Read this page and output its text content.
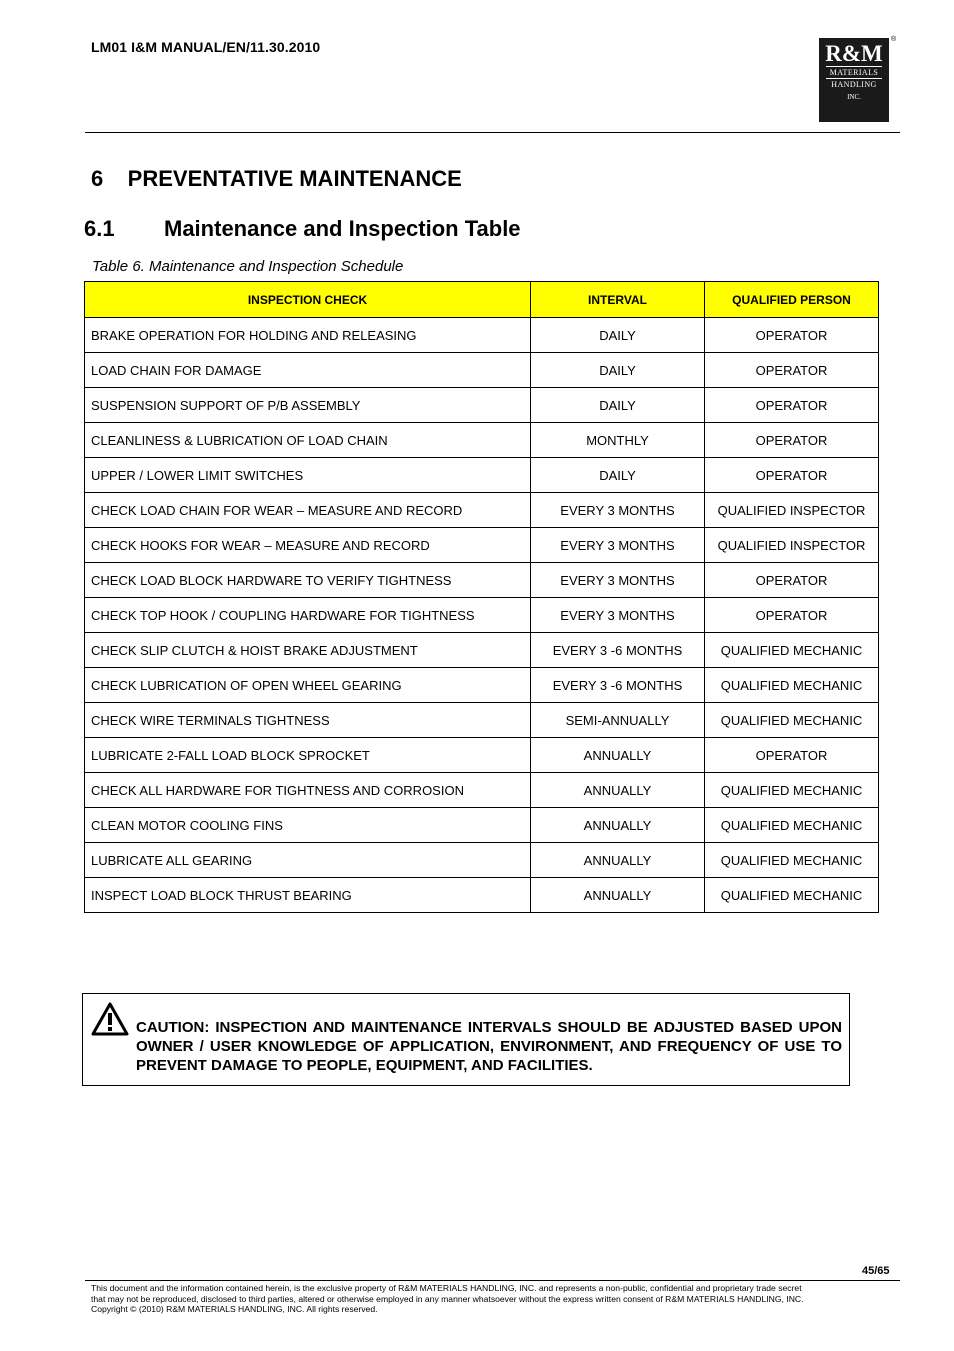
LM01 I&M MANUAL/EN/11.30.2010	R&M
MATERIALS
HANDLING
INC.
®
6    PREVENTATIVE MAINTENANCE
6.1 Maintenance and Inspection Table
Table 6. Maintenance and Inspection Schedule
INSPECTION CHECK	INTERVAL	QUALIFIED PERSON
BRAKE OPERATION FOR HOLDING AND RELEASING	DAILY	OPERATOR
LOAD CHAIN FOR DAMAGE	DAILY	OPERATOR
SUSPENSION SUPPORT OF P/B ASSEMBLY	DAILY	OPERATOR
CLEANLINESS & LUBRICATION OF LOAD CHAIN	MONTHLY	OPERATOR
UPPER / LOWER LIMIT SWITCHES	DAILY	OPERATOR
CHECK LOAD CHAIN FOR WEAR – MEASURE AND RECORD	EVERY 3 MONTHS	QUALIFIED INSPECTOR
CHECK HOOKS FOR WEAR – MEASURE AND RECORD	EVERY 3 MONTHS	QUALIFIED INSPECTOR
CHECK LOAD BLOCK HARDWARE TO VERIFY TIGHTNESS	EVERY 3 MONTHS	OPERATOR
CHECK TOP HOOK / COUPLING HARDWARE FOR TIGHTNESS	EVERY 3 MONTHS	OPERATOR
CHECK SLIP CLUTCH & HOIST BRAKE ADJUSTMENT	EVERY 3 -6 MONTHS	QUALIFIED MECHANIC
CHECK LUBRICATION OF OPEN WHEEL GEARING	EVERY 3 -6 MONTHS	QUALIFIED MECHANIC
CHECK WIRE TERMINALS TIGHTNESS	SEMI-ANNUALLY	QUALIFIED MECHANIC
LUBRICATE 2-FALL LOAD BLOCK SPROCKET	ANNUALLY	OPERATOR
CHECK ALL HARDWARE FOR TIGHTNESS AND CORROSION	ANNUALLY	QUALIFIED MECHANIC
CLEAN MOTOR COOLING FINS	ANNUALLY	QUALIFIED MECHANIC
LUBRICATE ALL GEARING	ANNUALLY	QUALIFIED MECHANIC
INSPECT LOAD BLOCK THRUST BEARING	ANNUALLY	QUALIFIED MECHANIC
CAUTION: INSPECTION AND MAINTENANCE INTERVALS SHOULD BE ADJUSTED BASED UPON OWNER / USER KNOWLEDGE OF APPLICATION, ENVIRONMENT, AND FREQUENCY OF USE TO PREVENT DAMAGE TO PEOPLE, EQUIPMENT, AND FACILITIES.
45/65
This document and the information contained herein, is the exclusive property of R&M MATERIALS HANDLING, INC. and represents a non-public, confidential and proprietary trade secret
that may not be reproduced, disclosed to third parties, altered or otherwise employed in any manner whatsoever without the express written consent of R&M MATERIALS HANDLING, INC.
Copyright © (2010) R&M MATERIALS HANDLING, INC. All rights reserved.
